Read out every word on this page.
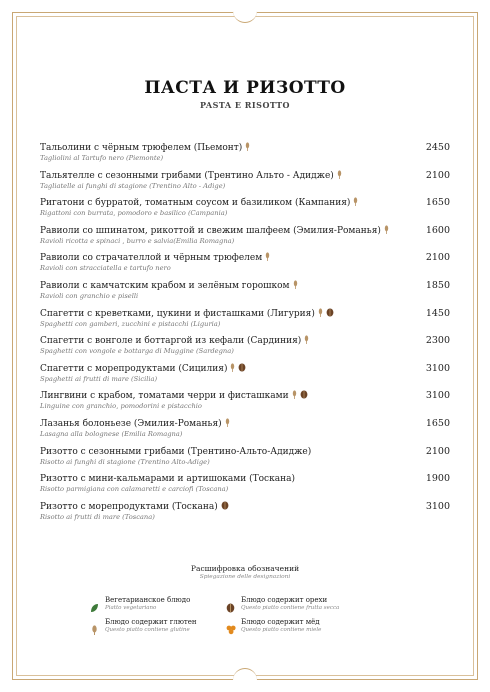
ПАСТА И РИЗОТТО
PASTA E RISOTTO
Тальолини с чёрным трюфелем (Пьемонт)
Tagliolini al Tartufo nero (Piemonte)
2450
Тальятелле с сезонными грибами (Трентино Альто - Адидже)
Tagliatelle ai funghi di stagione (Trentino Alto - Adige)
2100
Ригатони с бурратой, томатным соусом и базиликом (Кампания)
Rigattoni con burrata, pomodoro e basilico (Campania)
1650
Равиоли со шпинатом, рикоттой и свежим шалфеем (Эмилия-Романья)
Ravioli ricotta e spinaci , burro e salvia(Emilia Romagna)
1600
Равиоли со страчателлой и чёрным трюфелем
Ravioli con stracciatella e tartufo nero
2100
Равиоли с камчатским крабом и зелёным горошком
Ravioli con granchio e piselli
1850
Спагетти с креветками, цукини и фисташками (Лигурия)
Spaghetti con gamberi, zucchini e pistacchi (Liguria)
1450
Спагетти с вонголе и боттаргой из кефали (Сардиния)
Spaghetti con vongole e bottarga di Muggine (Sardegna)
2300
Спагетти с морепродуктами (Сицилия)
Spaghetti ai frutti di mare (Sicilia)
3100
Лингвини с крабом, томатами черри и фисташками
Linguine con granchio, pomodorini e pistacchio
3100
Лазанья болоньезе (Эмилия-Романья)
Lasagna alla bolognese (Emilia Romagna)
1650
Ризотто с сезонными грибами (Трентино-Альто-Адидже)
Risotto ai funghi di stagione (Trentino Alto-Adige)
2100
Ризотто с мини-кальмарами и артишоками (Тоскана)
Risotto parmigiana con calamaretti e carciofi (Toscana)
1900
Ризотто с морепродуктами (Тоскана)
Risotto ai frutti di mare (Toscana)
3100
Расшифровка обозначений
Spiegazione delle designazioni
Вегетарианское блюдо
Piatto vegetariano
Блюдо содержит орехи
Questo piatto contiene frutta secca
Блюдо содержит глютен
Questo piatto contiene glutine
Блюдо содержит мёд
Questo piatto contiene miele
